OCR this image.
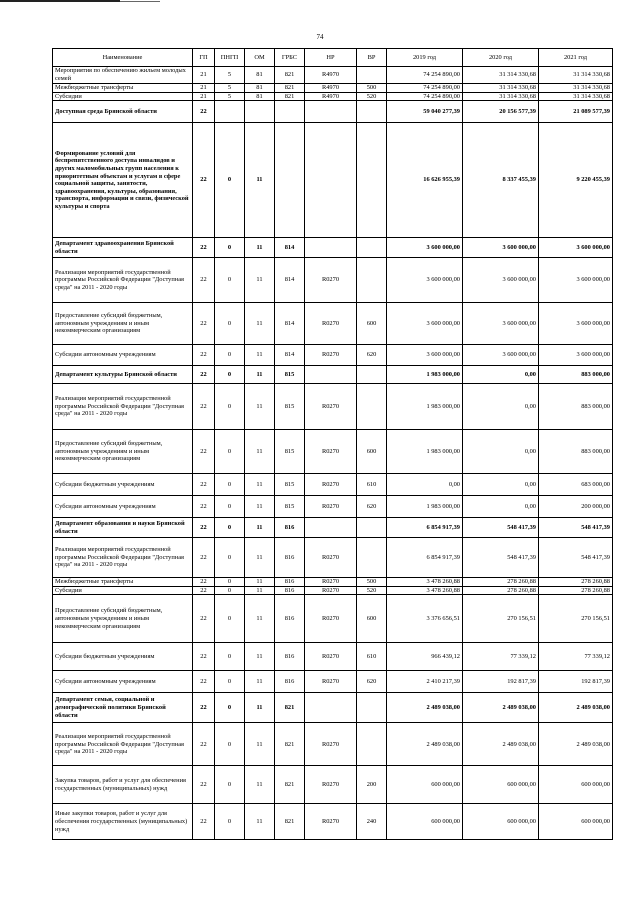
74
Наименование	ГП	ПНГП	ОМ	ГРБС	НР	ВР	2019 год	2020 год	2021 год
Мероприятия по обеспечению жильем молодых семей	21	5	81	821	R4970		74 254 890,00	31 314 330,68	31 314 330,68
Межбюджетные трансферты	21	5	81	821	R4970	500	74 254 890,00	31 314 330,68	31 314 330,68
Субсидии	21	5	81	821	R4970	520	74 254 890,00	31 314 330,68	31 314 330,68
Доступная среда Брянской области	22						59 040 277,39	20 156 577,39	21 089 577,39
Формирование условий для беспрепятственного доступа инвалидов и других маломобильных групп населения к приоритетным объектам и услугам в сфере социальной защиты, занятости, здравоохранения, культуры, образования, транспорта, информации и связи, физической культуры и спорта	22	0	11				16 626 955,39	8 337 455,39	9 220 455,39
Департамент здравоохранения Брянской области	22	0	11	814			3 600 000,00	3 600 000,00	3 600 000,00
Реализация мероприятий государственной программы Российской Федерации "Доступная среда" на 2011 - 2020 годы	22	0	11	814	R0270		3 600 000,00	3 600 000,00	3 600 000,00
Предоставление субсидий бюджетным, автономным учреждениям и иным некоммерческим организациям	22	0	11	814	R0270	600	3 600 000,00	3 600 000,00	3 600 000,00
Субсидии автономным учреждениям	22	0	11	814	R0270	620	3 600 000,00	3 600 000,00	3 600 000,00
Департамент культуры Брянской области	22	0	11	815			1 983 000,00	0,00	883 000,00
Реализация мероприятий государственной программы Российской Федерации "Доступная среда" на 2011 - 2020 годы	22	0	11	815	R0270		1 983 000,00	0,00	883 000,00
Предоставление субсидий бюджетным, автономным учреждениям и иным некоммерческим организациям	22	0	11	815	R0270	600	1 983 000,00	0,00	883 000,00
Субсидии бюджетным учреждениям	22	0	11	815	R0270	610	0,00	0,00	683 000,00
Субсидии автономным учреждениям	22	0	11	815	R0270	620	1 983 000,00	0,00	200 000,00
Департамент образования и науки Брянской области	22	0	11	816			6 854 917,39	548 417,39	548 417,39
Реализация мероприятий государственной программы Российской Федерации "Доступная среда" на 2011 - 2020 годы	22	0	11	816	R0270		6 854 917,39	548 417,39	548 417,39
Межбюджетные трансферты	22	0	11	816	R0270	500	3 478 260,88	278 260,88	278 260,88
Субсидии	22	0	11	816	R0270	520	3 478 260,88	278 260,88	278 260,88
Предоставление субсидий бюджетным, автономным учреждениям и иным некоммерческим организациям	22	0	11	816	R0270	600	3 376 656,51	270 156,51	270 156,51
Субсидии бюджетным учреждениям	22	0	11	816	R0270	610	966 439,12	77 339,12	77 339,12
Субсидии автономным учреждениям	22	0	11	816	R0270	620	2 410 217,39	192 817,39	192 817,39
Департамент семьи, социальной и демографической политики Брянской области	22	0	11	821			2 489 038,00	2 489 038,00	2 489 038,00
Реализация мероприятий государственной программы Российской Федерации "Доступная среда" на 2011 - 2020 годы	22	0	11	821	R0270		2 489 038,00	2 489 038,00	2 489 038,00
Закупка товаров, работ и услуг для обеспечения государственных (муниципальных) нужд	22	0	11	821	R0270	200	600 000,00	600 000,00	600 000,00
Иные закупки товаров, работ и услуг для обеспечения государственных (муниципальных) нужд	22	0	11	821	R0270	240	600 000,00	600 000,00	600 000,00
